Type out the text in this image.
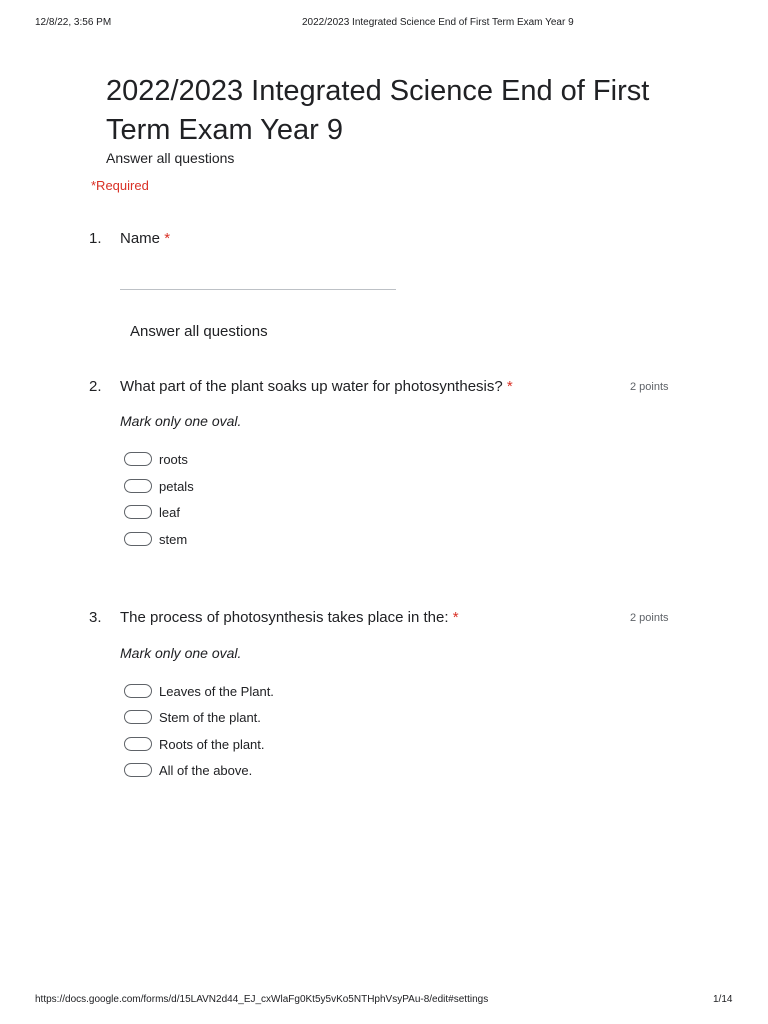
12/8/22, 3:56 PM	2022/2023 Integrated Science End of First Term Exam Year 9
2022/2023 Integrated Science End of First Term Exam Year 9
Answer all questions
*Required
1. Name *
Answer all questions
2. What part of the plant soaks up water for photosynthesis? *	2 points
Mark only one oval.
roots
petals
leaf
stem
3. The process of photosynthesis takes place in the: *	2 points
Mark only one oval.
Leaves of the Plant.
Stem of the plant.
Roots of the plant.
All of the above.
https://docs.google.com/forms/d/15LAVN2d44_EJ_cxWlaFg0Kt5y5vKo5NTHphVsyPAu-8/edit#settings	1/14
